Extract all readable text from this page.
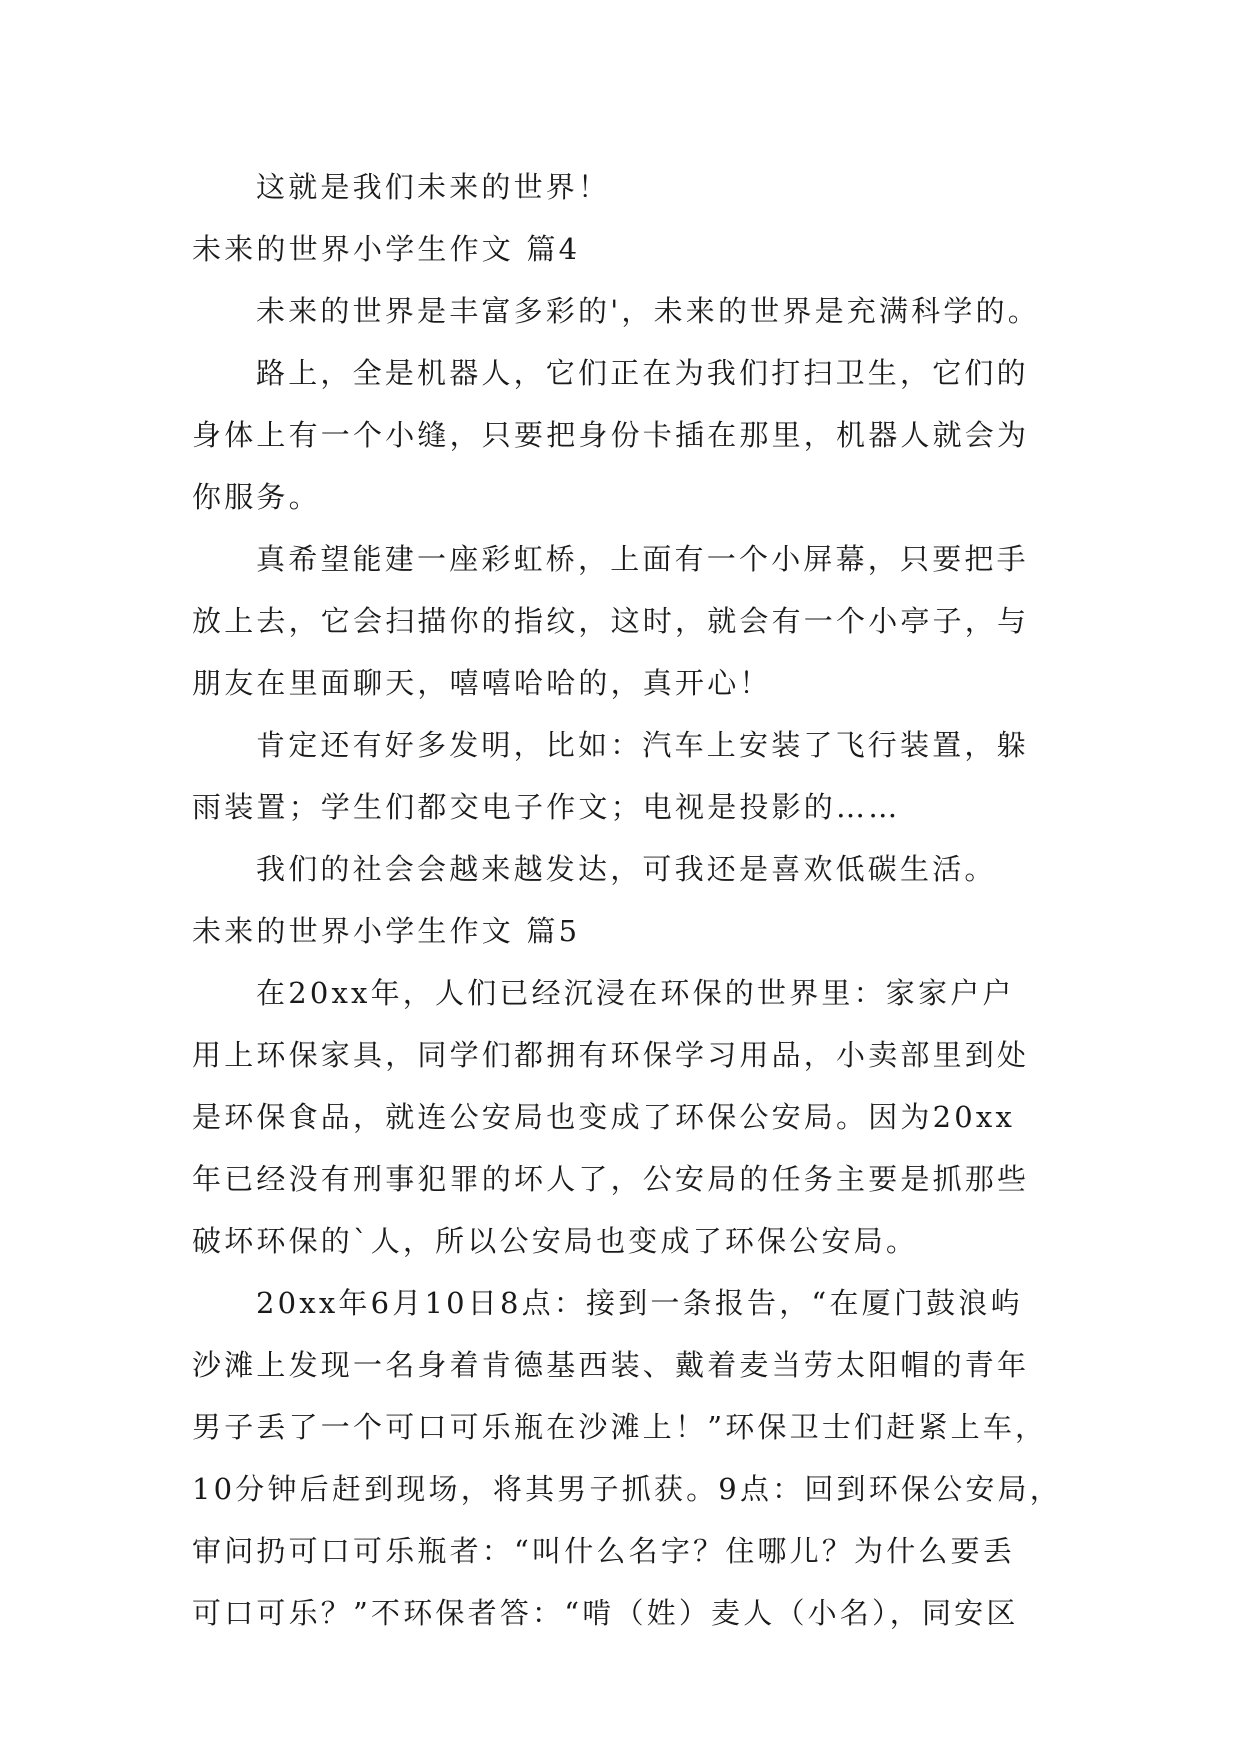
这就是我们未来的世界！
未来的世界小学生作文 篇4
未来的世界是丰富多彩的'，未来的世界是充满科学的。
路上，全是机器人，它们正在为我们打扫卫生，它们的
身体上有一个小缝，只要把身份卡插在那里，机器人就会为
你服务。
真希望能建一座彩虹桥，上面有一个小屏幕，只要把手
放上去，它会扫描你的指纹，这时，就会有一个小亭子，与
朋友在里面聊天，嘻嘻哈哈的，真开心！
肯定还有好多发明，比如：汽车上安装了飞行装置，躲
雨装置；学生们都交电子作文；电视是投影的……
我们的社会会越来越发达，可我还是喜欢低碳生活。
未来的世界小学生作文 篇5
在20xx年，人们已经沉浸在环保的世界里：家家户户
用上环保家具，同学们都拥有环保学习用品，小卖部里到处
是环保食品，就连公安局也变成了环保公安局。因为20xx
年已经没有刑事犯罪的坏人了，公安局的任务主要是抓那些
破坏环保的`人，所以公安局也变成了环保公安局。
20xx年6月10日8点：接到一条报告，“在厦门鼓浪屿
沙滩上发现一名身着肯德基西装、戴着麦当劳太阳帽的青年
男子丢了一个可口可乐瓶在沙滩上！”环保卫士们赶紧上车，
10分钟后赶到现场，将其男子抓获。9点：回到环保公安局，
审问扔可口可乐瓶者：“叫什么名字？住哪儿？为什么要丢
可口可乐？”不环保者答：“啃（姓）麦人（小名），同安区
